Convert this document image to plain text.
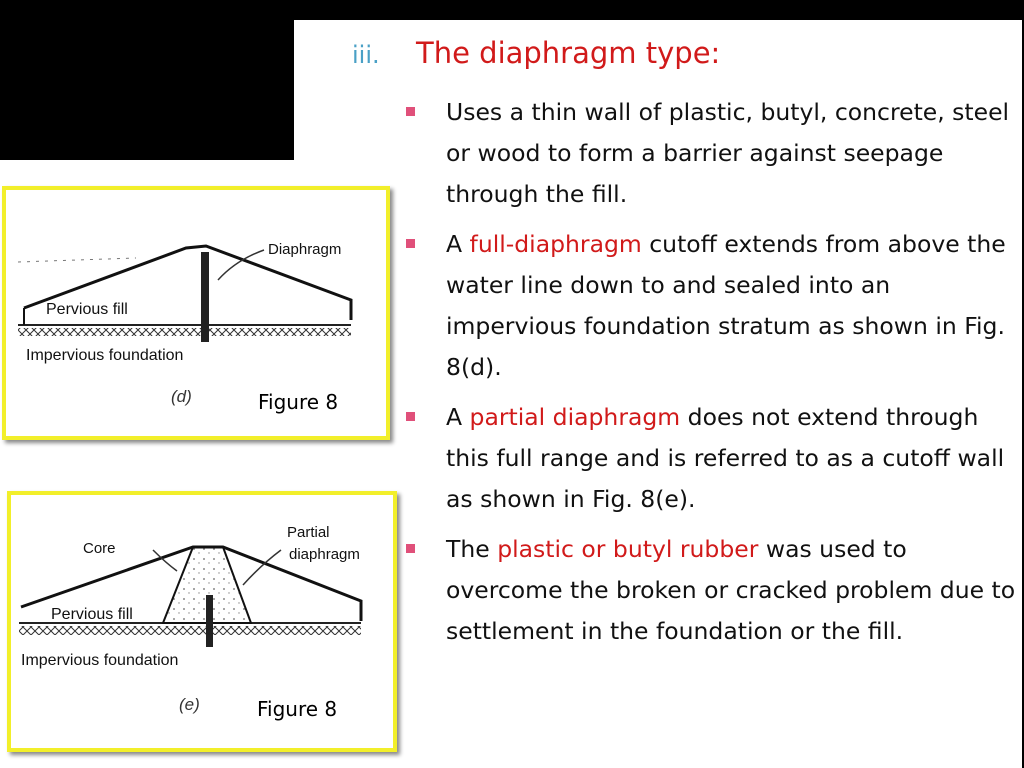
iii. The diaphragm type:
Uses a thin wall of plastic, butyl, concrete, steel or wood to form a barrier against seepage through the fill.
A full-diaphragm cutoff extends from above the water line down to and sealed into an impervious foundation stratum as shown in Fig. 8(d).
A partial diaphragm does not extend through this full range and is referred to as a cutoff wall as shown in Fig. 8(e).
The plastic or butyl rubber was used to overcome the broken or cracked problem due to settlement in the foundation or the fill.
Diaphragm
Pervious fill
Impervious foundation
(d)	Figure 8
Core
Partial
diaphragm
Pervious fill
Impervious foundation
(e)	Figure 8
